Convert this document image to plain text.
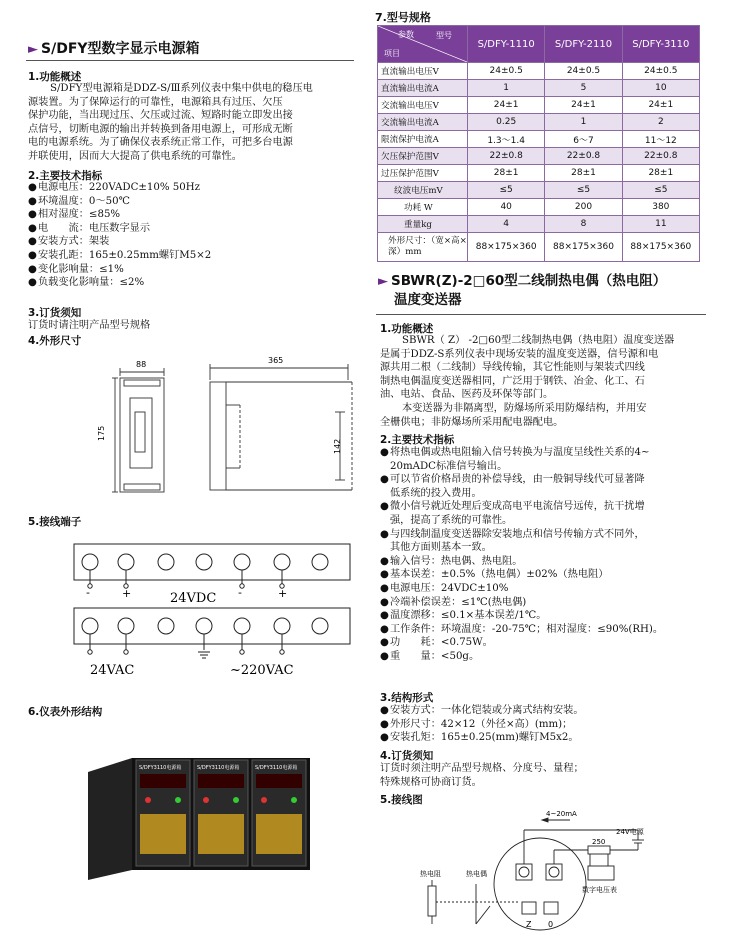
► S/DFY型数字显示电源箱
1.功能概述
S/DFY型电源箱是DDZ-S/Ⅲ系列仪表中集中供电的稳压电
源装置。为了保障运行的可靠性，电源箱具有过压、欠压
保护功能，当出现过压、欠压或过流、短路时能立即发出接
点信号，切断电源的输出并转换到备用电源上，可形成无断
电的电源系统。为了确保仪表系统正常工作，可把多台电源
并联使用，因而大大提高了供电系统的可靠性。
2.主要技术指标
●电源电压：220VADC±10% 50Hz
●环境温度：0～50℃
●相对湿度：≤85%
●电　　流：电压数字显示
●安装方式：架装
●安装孔距：165±0.25mm螺钉M5×2
●变化影响量：≤1%
●负载变化影响量：≤2%
3.订货须知
订货时请注明产品型号规格
4.外形尺寸
88
175
365
142
5.接线端子
-	+	-	+
24VDC
24VAC	~220VAC
6.仪表外形结构
S/DFY3110电源箱	S/DFY3110电源箱	S/DFY3110电源箱
7.型号规格
参数 型号
项目	S/DFY-1110	S/DFY-2110	S/DFY-3110
直流输出电压V	24±0.5	24±0.5	24±0.5
直流输出电流A	1	5	10
交流输出电压V	24±1	24±1	24±1
交流输出电流A	0.25	1	2
限流保护电流A	1.3～1.4	6～7	11～12
欠压保护范围V	22±0.8	22±0.8	22±0.8
过压保护范围V	28±1	28±1	28±1
纹波电压mV	≤5	≤5	≤5
功耗 W	40	200	380
重量kg	4	8	11
外形尺寸：（宽×高×深）mm	88×175×360	88×175×360	88×175×360
► SBWR(Z)-2□60型二线制热电偶（热电阻）
温度变送器
1.功能概述
SBWR（ Z） -2□60型二线制热电偶（热电阻）温度变送器
是属于DDZ-S系列仪表中现场安装的温度变送器，信号源和电
源共用二根（二线制）导线传输，其它性能则与架装式四线
制热电偶温度变送器相同，广泛用于钢铁、冶金、化工、石
油、电站、食品、医药及环保等部门。
本变送器为非隔离型，防爆场所采用防爆结构，并用安
全栅供电；非防爆场所采用配电器配电。
2.主要技术指标
●将热电偶或热电阻输入信号转换为与温度呈线性关系的4~
20mADC标准信号输出。
●可以节省价格昂贵的补偿导线，由一般铜导线代可显著降
低系统的投入费用。
●微小信号就近处理后变成高电平电流信号远传，抗干扰增
强，提高了系统的可靠性。
●与四线制温度变送器除安装地点和信号传输方式不同外，
其他方面则基本一致。
●输入信号：热电偶、热电阻。
●基本误差：±0.5%（热电偶）±02%（热电阻）
●电源电压：24VDC±10%
●冷端补偿误差：≤1℃(热电偶)
●温度漂移：≤0.1×基本误差/1℃。
●工作条件：环境温度：-20-75℃；相对湿度：≤90%(RH)。
●功　　耗：<0.75W。
●重　　量：<50g。
3.结构形式
●安装方式：一体化铠装或分离式结构安装。
●外形尺寸：42×12（外径×高）(mm)；
●安装孔矩：165±0.25(mm)螺钉M5x2。
4.订货须知
订货时须注明产品型号规格、分度号、量程；
特殊规格可协商订货。
5.接线图
4~20mA
24V电源
250
数字电压表
热电阻	热电偶
Z 0
